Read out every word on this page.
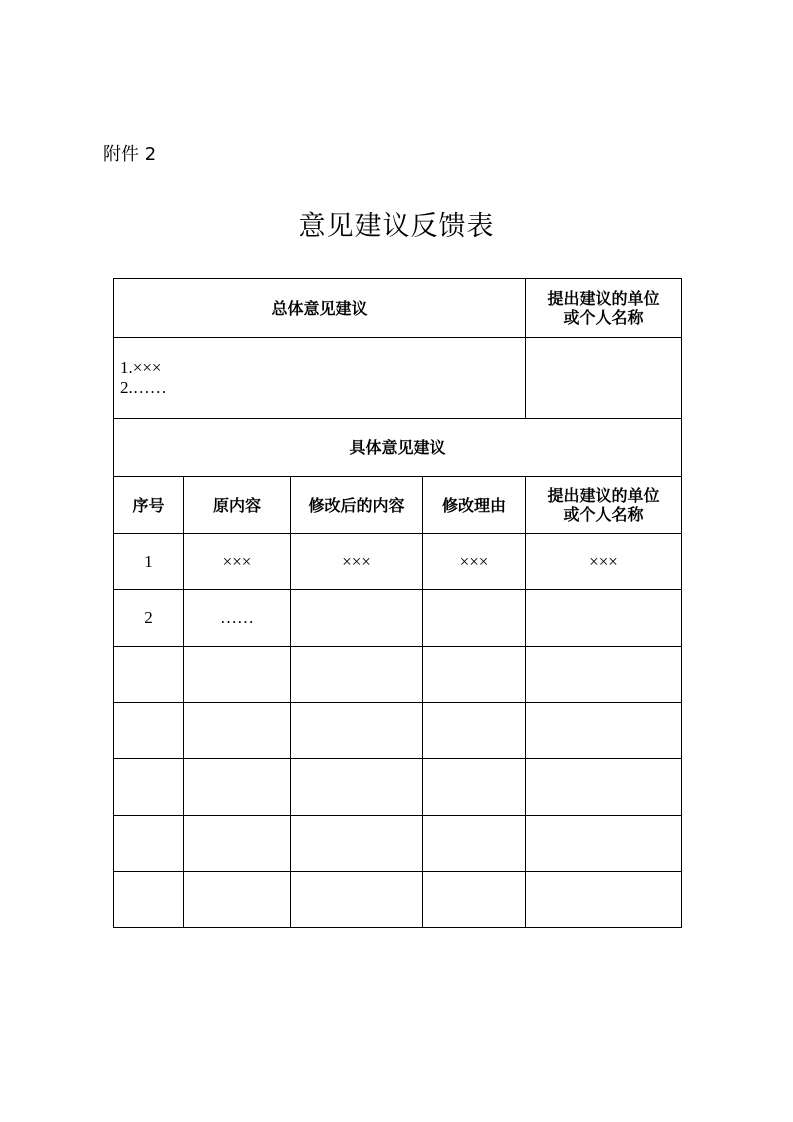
附件 2
意见建议反馈表
总体意见建议				提出建议的单位
或个人名称
1.×××
2.……				
具体意见建议				
序号	原内容	修改后的内容	修改理由	提出建议的单位
或个人名称
1	×××	×××	×××	×××
2	……			
